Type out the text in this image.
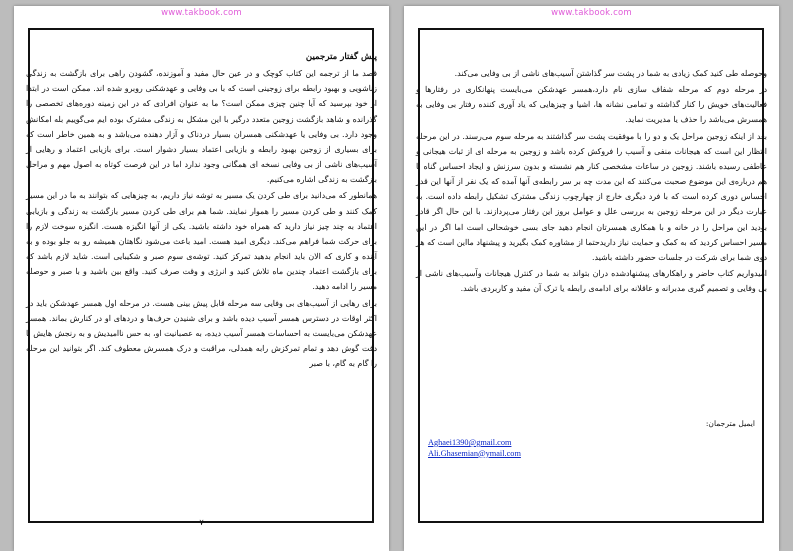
www.takbook.com

پیش گفتار مترجمین

قصد ما از ترجمه این کتاب کوچک و در عین حال مفید و آموزنده، گشودن راهی برای بازگشت به زندگی زناشویی و بهبود رابطه برای زوجینی است که با بی وفایی و عهدشکنی روبرو شده اند. ممکن است در ابتدا از خود بپرسید که آیا چنین چیزی ممکن است؟ ما به عنوان افرادی که در این زمینه دوره‌های تخصصی را گذرانده و شاهد بازگشت زوجین متعدد درگیر با این مشکل به زندگی مشترک بوده ایم می‌گوییم بله امکانش وجود دارد. بی وفایی یا عهدشکنی همسران بسیار دردناک و آزار دهنده می‌باشد و به همین خاطر است که برای بسیاری از زوجین بهبود رابطه و بازیابی اعتماد بسیار دشوار است. برای بازیابی اعتماد و رهایی از آسیب‌های ناشی از بی وفایی نسخه ای همگانی وجود ندارد اما در این فرصت کوتاه به اصول مهم و مراحل بازگشت به زندگی اشاره می‌کنیم.

همانطور که می‌دانید برای طی کردن یک مسیر به توشه نیاز داریم، به چیزهایی که بتوانند به ما در این مسیر کمک کنند و طی کردن مسیر را هموار نمایند. شما هم برای طی کردن مسیر بازگشت به زندگی و بازیابی اعتماد به چند چیز نیاز دارید که همراه خود داشته باشید. یکی از آنها انگیزه هست. انگیزه سوخت لازم را برای حرکت شما فراهم می‌کند. دیگری امید هست. امید باعث می‌شود نگاهتان همیشه رو به جلو بوده و به آینده و کاری که الان باید انجام بدهید تمرکز کنید. توشه‌ی سوم صبر و شکیبایی است. شاید لازم باشد که برای بازگشت اعتماد چندین ماه تلاش کنید و انرژی و وقت صرف کنید. واقع بین باشید و با صبر و حوصله مسیر را ادامه دهید.

برای رهایی از آسیب‌های بی وفایی سه مرحله قابل پیش بینی هست. در مرحله اول همسر عهدشکن باید در اکثر اوقات در دسترس همسر آسیب دیده باشد و برای شنیدن حرف‌ها و دردهای او در کنارش بماند. همسر عهدشکن می‌بایست به احساسات همسر آسیب دیده، به عصبانیت او، به حس ناامیدیش و به رنجش هایش با دقت گوش دهد و تمام تمرکزش رابه همدلی، مراقبت و درک همسرش معطوف کند. اگر بتوانید این مرحله را گام به گام، با صبر

۷
www.takbook.com

وحوصله طی کنید کمک زیادی به شما در پشت سر گذاشتن آسیب‌های ناشی از بی وفایی می‌کند.

در مرحله دوم که مرحله شفاف سازی نام دارد،همسر عهدشکن می‌بایست پنهانکاری در رفتارها و فعالیت‌های خویش را کنار گذاشته و تمامی نشانه ها، اشیا و چیزهایی که یاد آوری کننده رفتار بی وفایی به همسرش می‌باشد را حذف یا مدیریت نماید.

بعد از اینکه زوجین مراحل یک و دو را با موفقیت پشت سر گذاشتند به مرحله سوم می‌رسند. در این مرحله انتظار این است که هیجانات منفی و آسیب را فروکش کرده باشد و زوجین به مرحله ای از ثبات هیجانی و عاطفی رسیده باشند. زوجین در ساعات مشخصی کنار هم نشسته و بدون سرزنش و ایجاد احساس گناه با هم درباره‌ی این موضوع صحبت می‌کنند که این مدت چه بر سر رابطه‌ی آنها آمده که یک نفر از آنها این قدر احساس دوری کرده است که با فرد دیگری خارج از چهارچوب زندگی مشترک تشکیل رابطه داده است. به عبارت دیگر در این مرحله زوجین به بررسی علل و عوامل بروز این رفتار می‌پردازند. با این حال اگر قادر بودید این مراحل را در خانه و با همکاری همسرتان انجام دهید جای بسی خوشحالی است اما اگر در این مسیر احساس کردید که به کمک و حمایت نیاز داریدحتما از مشاوره کمک بگیرید و پیشنهاد مااین است که هر دوی شما برای شرکت در جلسات حضور داشته باشید.

امیدواریم کتاب حاضر و راهکارهای پیشنهادشده دران بتواند به شما در کنترل هیجانات وآسیب‌های ناشی از بی وفایی و تصمیم گیری مدبرانه و عاقلانه برای ادامه‌ی رابطه یا ترک آن مفید و کاربردی باشد.

ایمیل مترجمان:
Aghaei1390@gmail.com
Ali.Ghasemian@ymail.com
